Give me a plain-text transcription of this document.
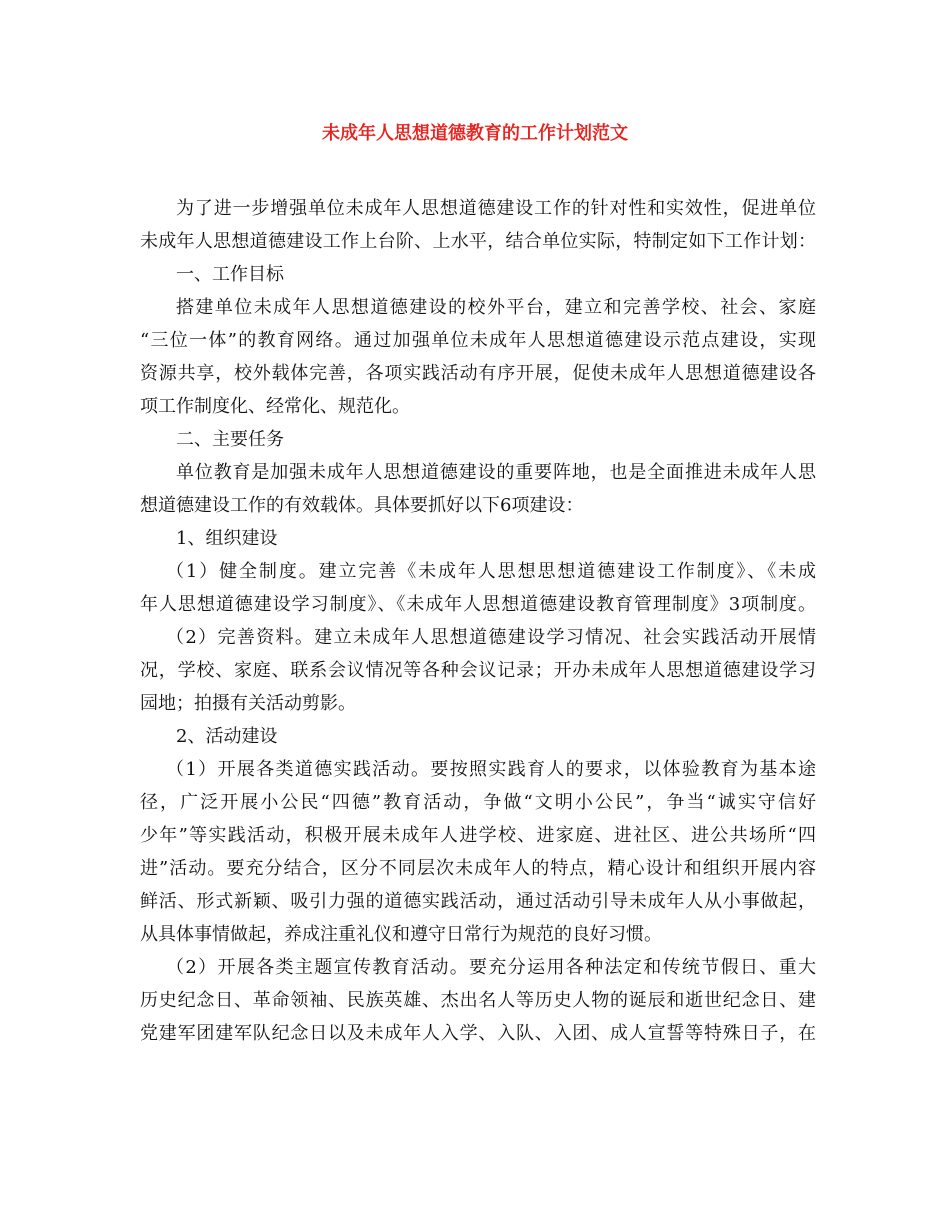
未成年人思想道德教育的工作计划范文

为了进一步增强单位未成年人思想道德建设工作的针对性和实效性，促进单位

未成年人思想道德建设工作上台阶、上水平，结合单位实际，特制定如下工作计划：

一、工作目标

搭建单位未成年人思想道德建设的校外平台，建立和完善学校、社会、家庭

“三位一体”的教育网络。通过加强单位未成年人思想道德建设示范点建设，实现

资源共享，校外载体完善，各项实践活动有序开展，促使未成年人思想道德建设各

项工作制度化、经常化、规范化。

二、主要任务

单位教育是加强未成年人思想道德建设的重要阵地，也是全面推进未成年人思

想道德建设工作的有效载体。具体要抓好以下6项建设：

1、组织建设

（1）健全制度。建立完善《未成年人思想思想道德建设工作制度》、《未成

年人思想道德建设学习制度》、《未成年人思想道德建设教育管理制度》3项制度。

（2）完善资料。建立未成年人思想道德建设学习情况、社会实践活动开展情

况，学校、家庭、联系会议情况等各种会议记录；开办未成年人思想道德建设学习

园地；拍摄有关活动剪影。

2、活动建设

（1）开展各类道德实践活动。要按照实践育人的要求，以体验教育为基本途

径，广泛开展小公民“四德”教育活动，争做“文明小公民”，争当“诚实守信好

少年”等实践活动，积极开展未成年人进学校、进家庭、进社区、进公共场所“四

进”活动。要充分结合，区分不同层次未成年人的特点，精心设计和组织开展内容

鲜活、形式新颖、吸引力强的道德实践活动，通过活动引导未成年人从小事做起，

从具体事情做起，养成注重礼仪和遵守日常行为规范的良好习惯。

（2）开展各类主题宣传教育活动。要充分运用各种法定和传统节假日、重大

历史纪念日、革命领袖、民族英雄、杰出名人等历史人物的诞辰和逝世纪念日、建

党建军团建军队纪念日以及未成年人入学、入队、入团、成人宣誓等特殊日子，在
